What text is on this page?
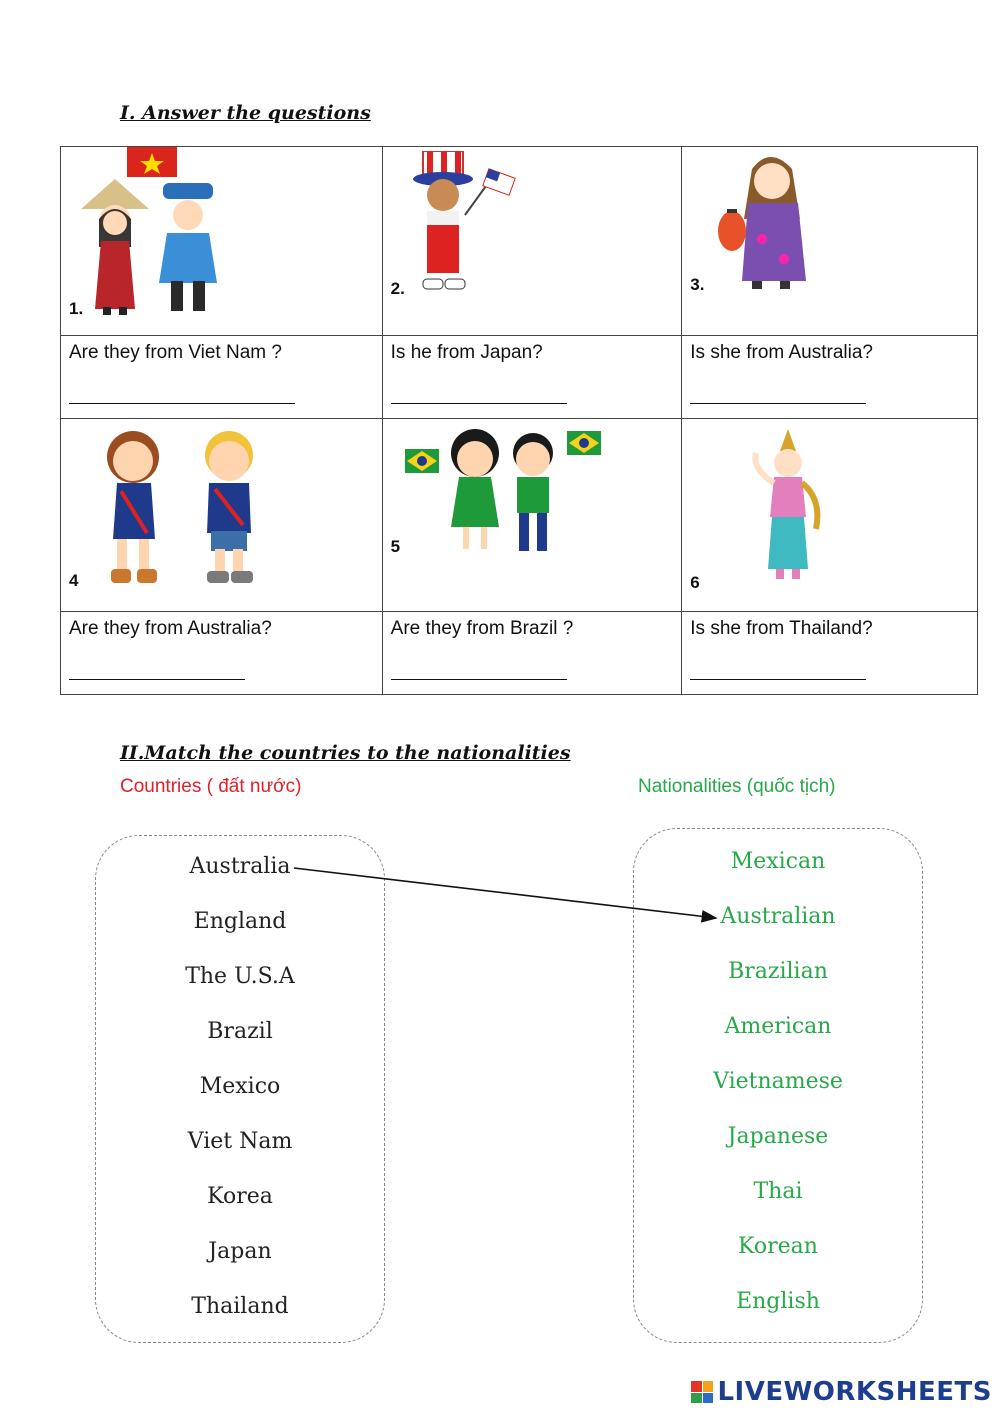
I. Answer the questions
1.	2.	3.

Are they from Viet Nam ?	Is he from Japan?	Is she from Australia?

4	5	6

Are they from Australia?	Are they from Brazil ?	Is she from Thailand?
II.Match the countries to the nationalities
Countries ( đất nước)	Nationalities (quốc tịch)
Australia
England
The U.S.A
Brazil
Mexico
Viet Nam
Korea
Japan
Thailand
Mexican
Australian
Brazilian
American
Vietnamese
Japanese
Thai
Korean
English
LIVEWORKSHEETS
